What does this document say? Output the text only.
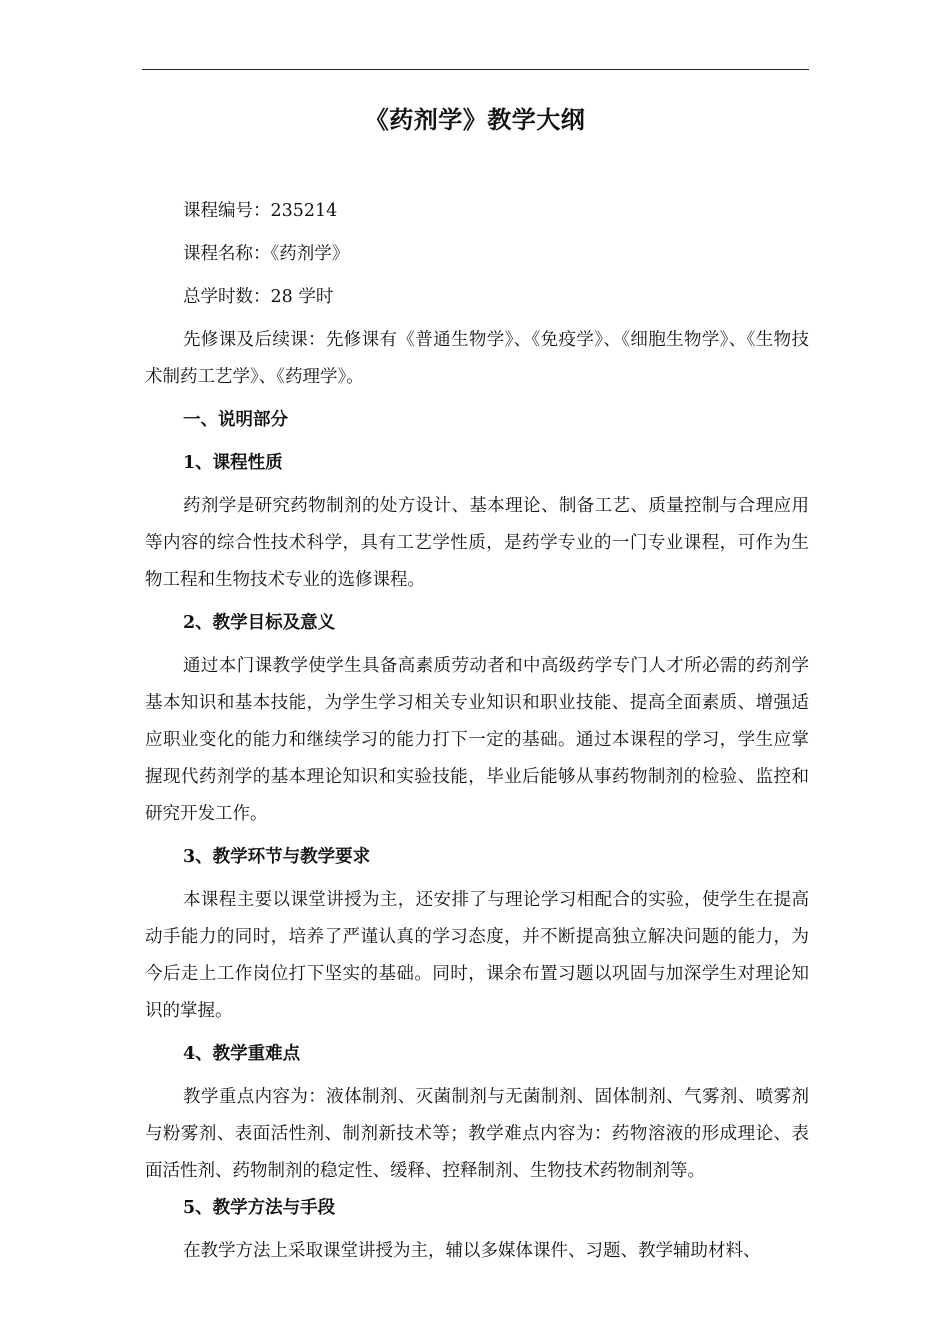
《药剂学》教学大纲

课程编号：235214

课程名称：《药剂学》

总学时数：28 学时

先修课及后续课：先修课有《普通生物学》、《免疫学》、《细胞生物学》、《生物技术制药工艺学》、《药理学》。

一、说明部分

1、课程性质

药剂学是研究药物制剂的处方设计、基本理论、制备工艺、质量控制与合理应用等内容的综合性技术科学，具有工艺学性质，是药学专业的一门专业课程，可作为生物工程和生物技术专业的选修课程。

2、教学目标及意义

通过本门课教学使学生具备高素质劳动者和中高级药学专门人才所必需的药剂学基本知识和基本技能，为学生学习相关专业知识和职业技能、提高全面素质、增强适应职业变化的能力和继续学习的能力打下一定的基础。通过本课程的学习，学生应掌握现代药剂学的基本理论知识和实验技能，毕业后能够从事药物制剂的检验、监控和研究开发工作。

3、教学环节与教学要求

本课程主要以课堂讲授为主，还安排了与理论学习相配合的实验，使学生在提高动手能力的同时，培养了严谨认真的学习态度，并不断提高独立解决问题的能力，为今后走上工作岗位打下坚实的基础。同时，课余布置习题以巩固与加深学生对理论知识的掌握。

4、教学重难点

教学重点内容为：液体制剂、灭菌制剂与无菌制剂、固体制剂、气雾剂、喷雾剂与粉雾剂、表面活性剂、制剂新技术等；教学难点内容为：药物溶液的形成理论、表面活性剂、药物制剂的稳定性、缓释、控释制剂、生物技术药物制剂等。

5、教学方法与手段

在教学方法上采取课堂讲授为主，辅以多媒体课件、习题、教学辅助材料、
